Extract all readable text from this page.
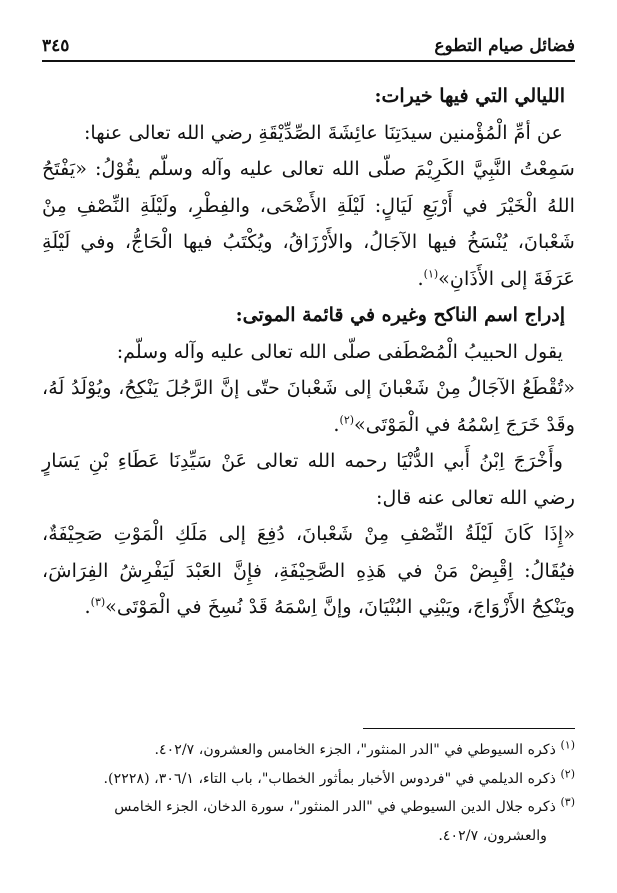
فضائل صيام التطوع
٣٤٥

الليالي التي فيها خيرات:

عن أمِّ الْمُؤْمنين سيدَتِنَا عائِشَةَ الصِّدِّيْقَةِ رضي الله تعالى عنها:

سَمِعْتُ النَّبِيَّ الكَرِيْمَ صلّى الله تعالى عليه وآله وسلّم يقُوْلُ: «يَفْتَحُ اللهُ الْخَيْرَ في أَرْبَعِ لَيَالٍ: لَيْلَةِ الأَضْحَى، والفِطْرِ، ولَيْلَةِ النِّصْفِ مِنْ شَعْبانَ، يُنْسَخُ فيها الآجَالُ، والأَرْزَاقُ، ويُكْتَبُ فيها الْحَاجُّ، وفي لَيْلَةِ عَرَفَةَ إلى الأَذَانِ»$^{(١)}$.

إدراج اسم الناكح وغيره في قائمة الموتى:

يقول الحبيبُ الْمُصْطَفى صلّى الله تعالى عليه وآله وسلّم:

«تُقْطَعُ الآجَالُ مِنْ شَعْبانَ إلى شَعْبانَ حتّى إنَّ الرَّجُلَ يَنْكِحُ، ويُوْلَدُ لَهُ، وقَدْ خَرَجَ اِسْمُهُ في الْمَوْتَى»$^{(٢)}$.

وأَخْرَجَ اِبْنُ أَبي الدُّنْيَا رحمه الله تعالى عَنْ سَيِّدِنَا عَطَاءِ بْنِ يَسَارٍ رضي الله تعالى عنه قال:

«إِذَا كَانَ لَيْلَةُ النِّصْفِ مِنْ شَعْبانَ، دُفِعَ إلى مَلَكِ الْمَوْتِ صَحِيْفَةٌ، فيُقَالُ: اِقْبِضْ مَنْ في هَذِهِ الصَّحِيْفَةِ، فإِنَّ العَبْدَ لَيَفْرِشُ الفِرَاشَ، ويَنْكِحُ الأَزْوَاجَ، ويَبْنِي البُنْيَانَ، وإنَّ اِسْمَهُ قَدْ نُسِخَ في الْمَوْتَى»$^{(٣)}$.

$^{(١)}$ ذكره السيوطي في "الدر المنثور"، الجزء الخامس والعشرون، ٤٠٢/٧.

$^{(٢)}$ ذكره الديلمي في "فردوس الأخبار بمأثور الخطاب"، باب التاء، ٣٠٦/١، (٢٢٢٨).

$^{(٣)}$ ذكره جلال الدين السيوطي في "الدر المنثور"، سورة الدخان، الجزء الخامس

والعشرون، ٤٠٢/٧.
